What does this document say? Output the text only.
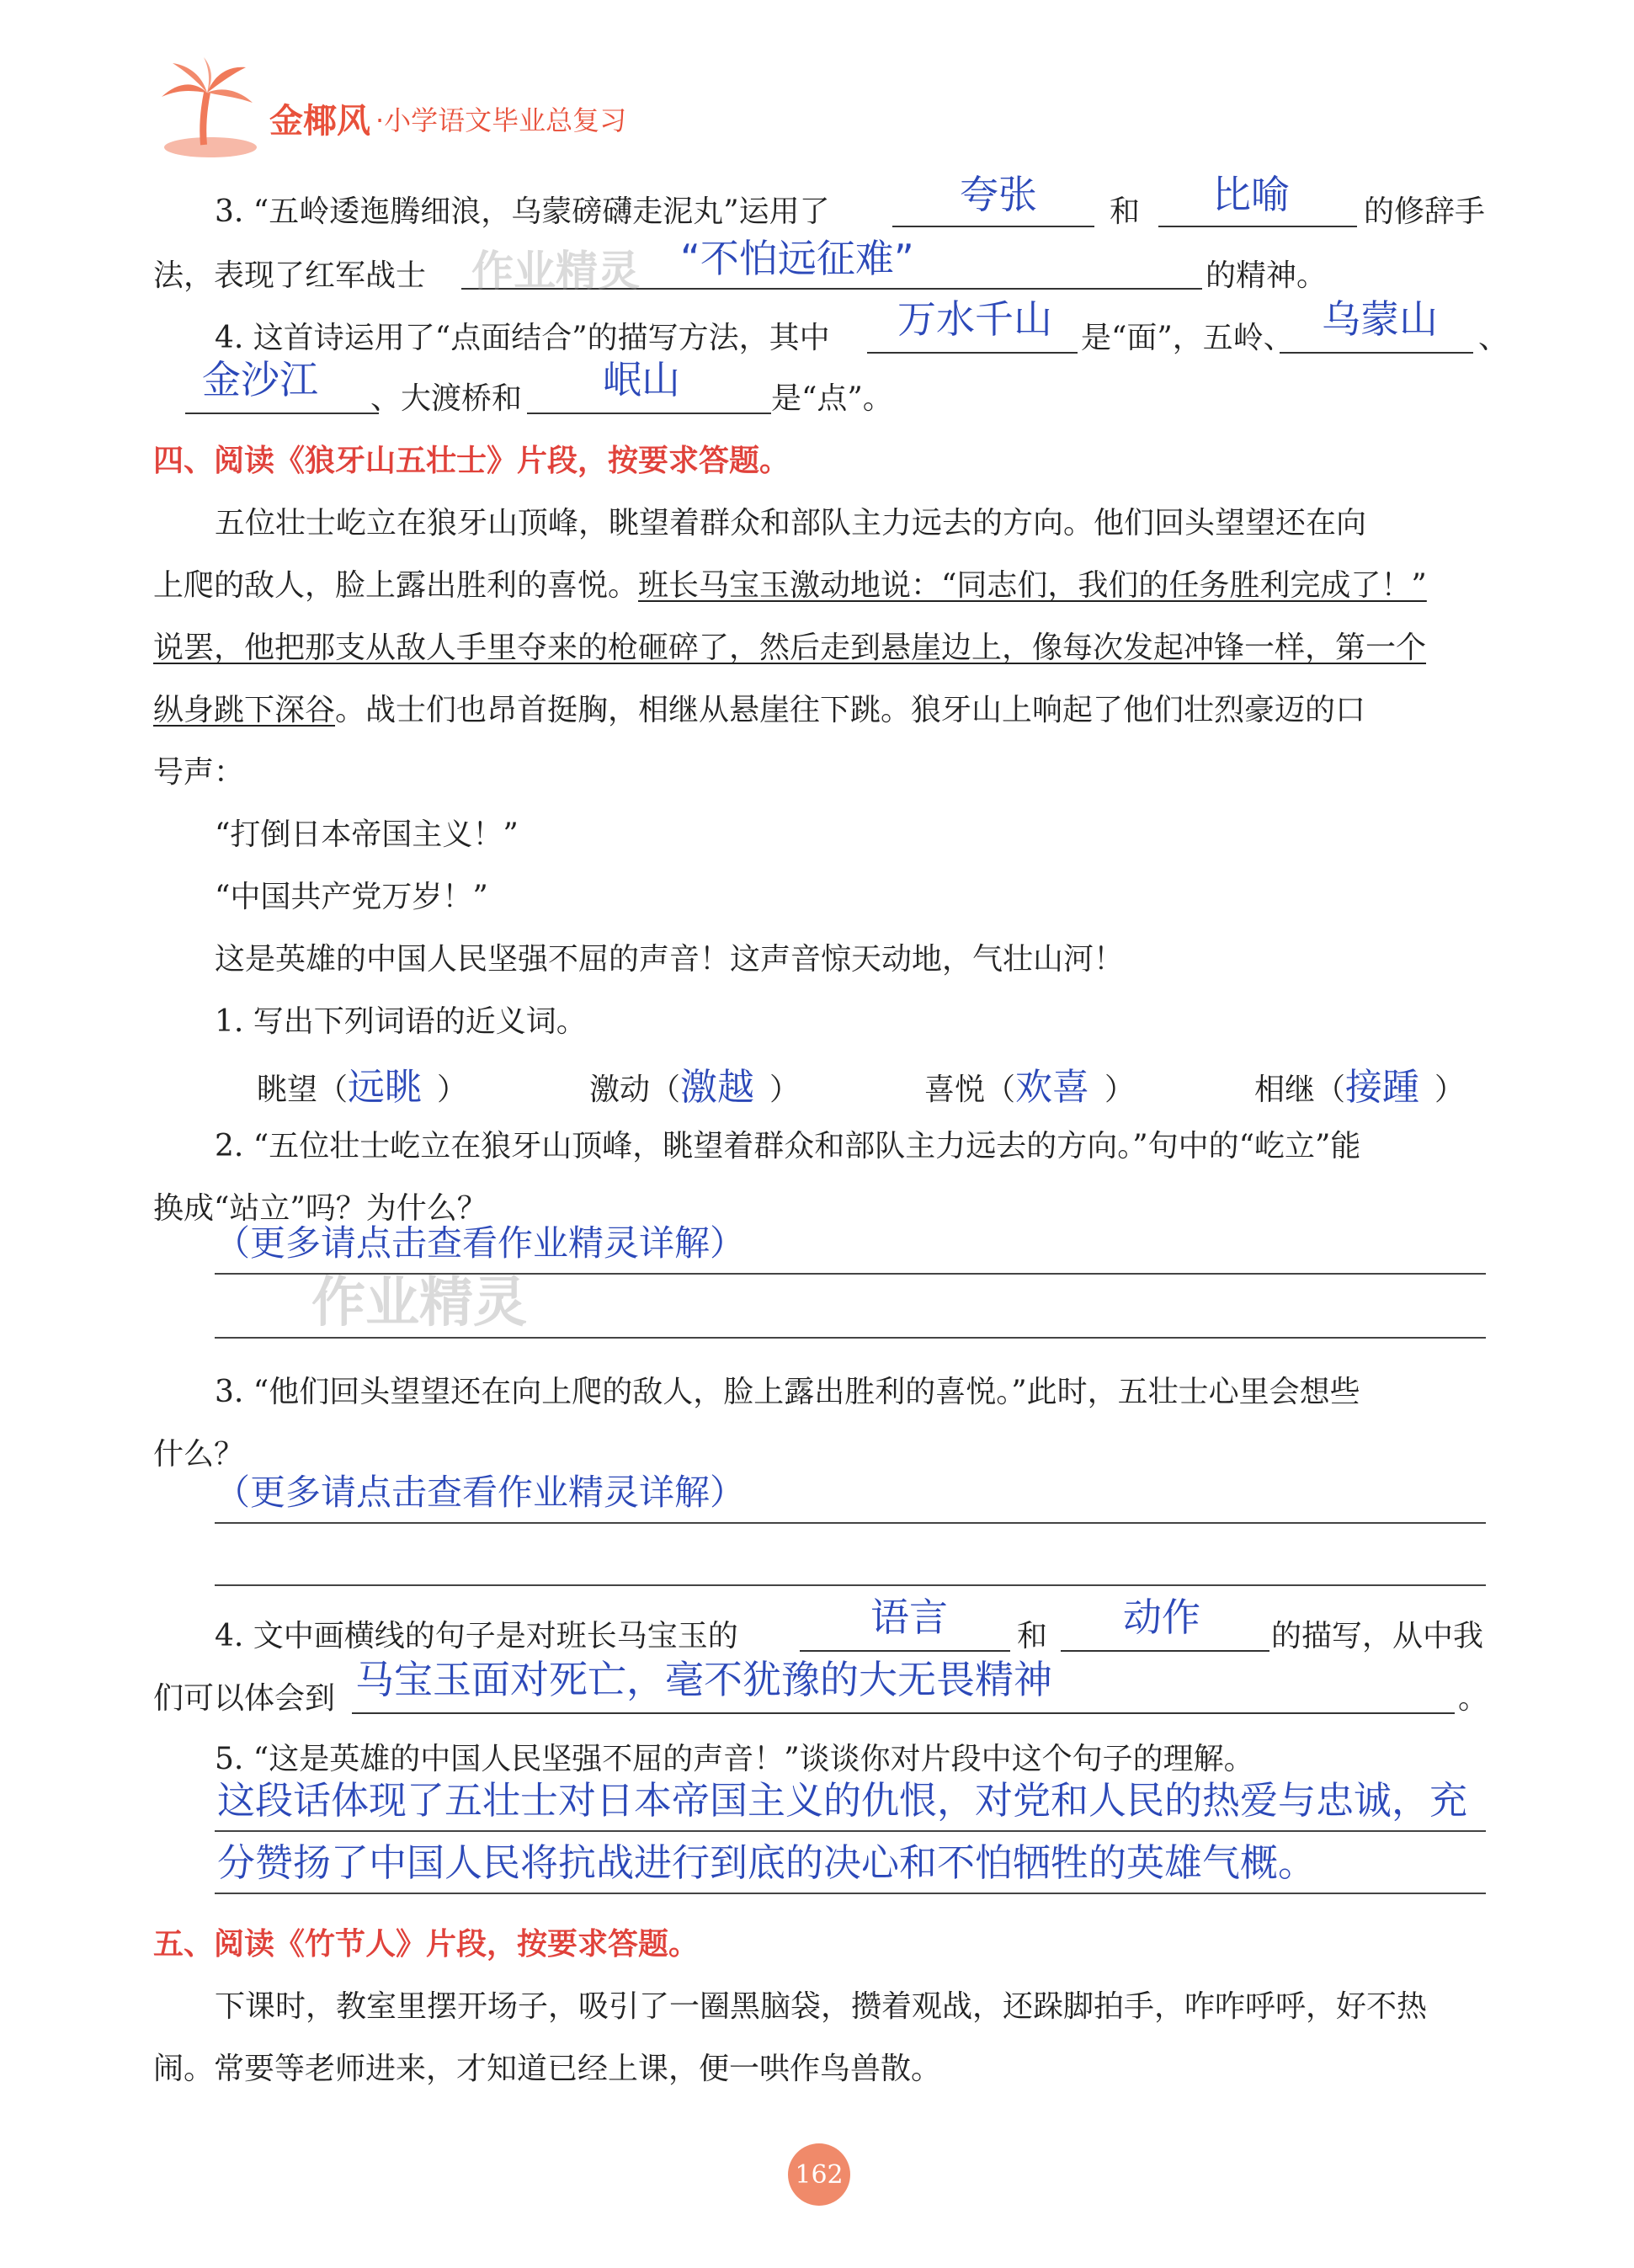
金椰风 ·小学语文毕业总复习
3. “五岭逶迤腾细浪，乌蒙磅礴走泥丸”运用了	夸张 和 比喻 的修辞手
法，表现了红军战士	“不怕远征难”	的精神。
4. 这首诗运用了“点面结合”的描写方法，其中 万水千山 是“面”，五岭、 乌蒙山 、
金沙江 、大渡桥和 岷山	是“点”。
四、阅读《狼牙山五壮士》片段，按要求答题。
五位壮士屹立在狼牙山顶峰，眺望着群众和部队主力远去的方向。他们回头望望还在向
上爬的敌人，脸上露出胜利的喜悦。班长马宝玉激动地说：“同志们，我们的任务胜利完成了！”
说罢，他把那支从敌人手里夺来的枪砸碎了，然后走到悬崖边上，像每次发起冲锋一样，第一个
纵身跳下深谷。战士们也昂首挺胸，相继从悬崖往下跳。狼牙山上响起了他们壮烈豪迈的口
号声：
“打倒日本帝国主义！”
“中国共产党万岁！”
这是英雄的中国人民坚强不屈的声音！这声音惊天动地，气壮山河！
1. 写出下列词语的近义词。
眺望（远眺 ）	激动（激越 ）	喜悦（欢喜 ）	相继（接踵 ）
2. “五位壮士屹立在狼牙山顶峰，眺望着群众和部队主力远去的方向。”句中的“屹立”能
换成“站立”吗？为什么？
（更多请点击查看作业精灵详解）
作业精灵
3. “他们回头望望还在向上爬的敌人，脸上露出胜利的喜悦。”此时，五壮士心里会想些
什么？
（更多请点击查看作业精灵详解）
4. 文中画横线的句子是对班长马宝玉的	语言 和 动作 的描写，从中我
们可以体会到 马宝玉面对死亡，毫不犹豫的大无畏精神	。
5. “这是英雄的中国人民坚强不屈的声音！”谈谈你对片段中这个句子的理解。
这段话体现了五壮士对日本帝国主义的仇恨，对党和人民的热爱与忠诚，充
分赞扬了中国人民将抗战进行到底的决心和不怕牺牲的英雄气概。
五、阅读《竹节人》片段，按要求答题。
下课时，教室里摆开场子，吸引了一圈黑脑袋，攒着观战，还跺脚拍手，咋咋呼呼，好不热
闹。常要等老师进来，才知道已经上课，便一哄作鸟兽散。
162
作业精灵
